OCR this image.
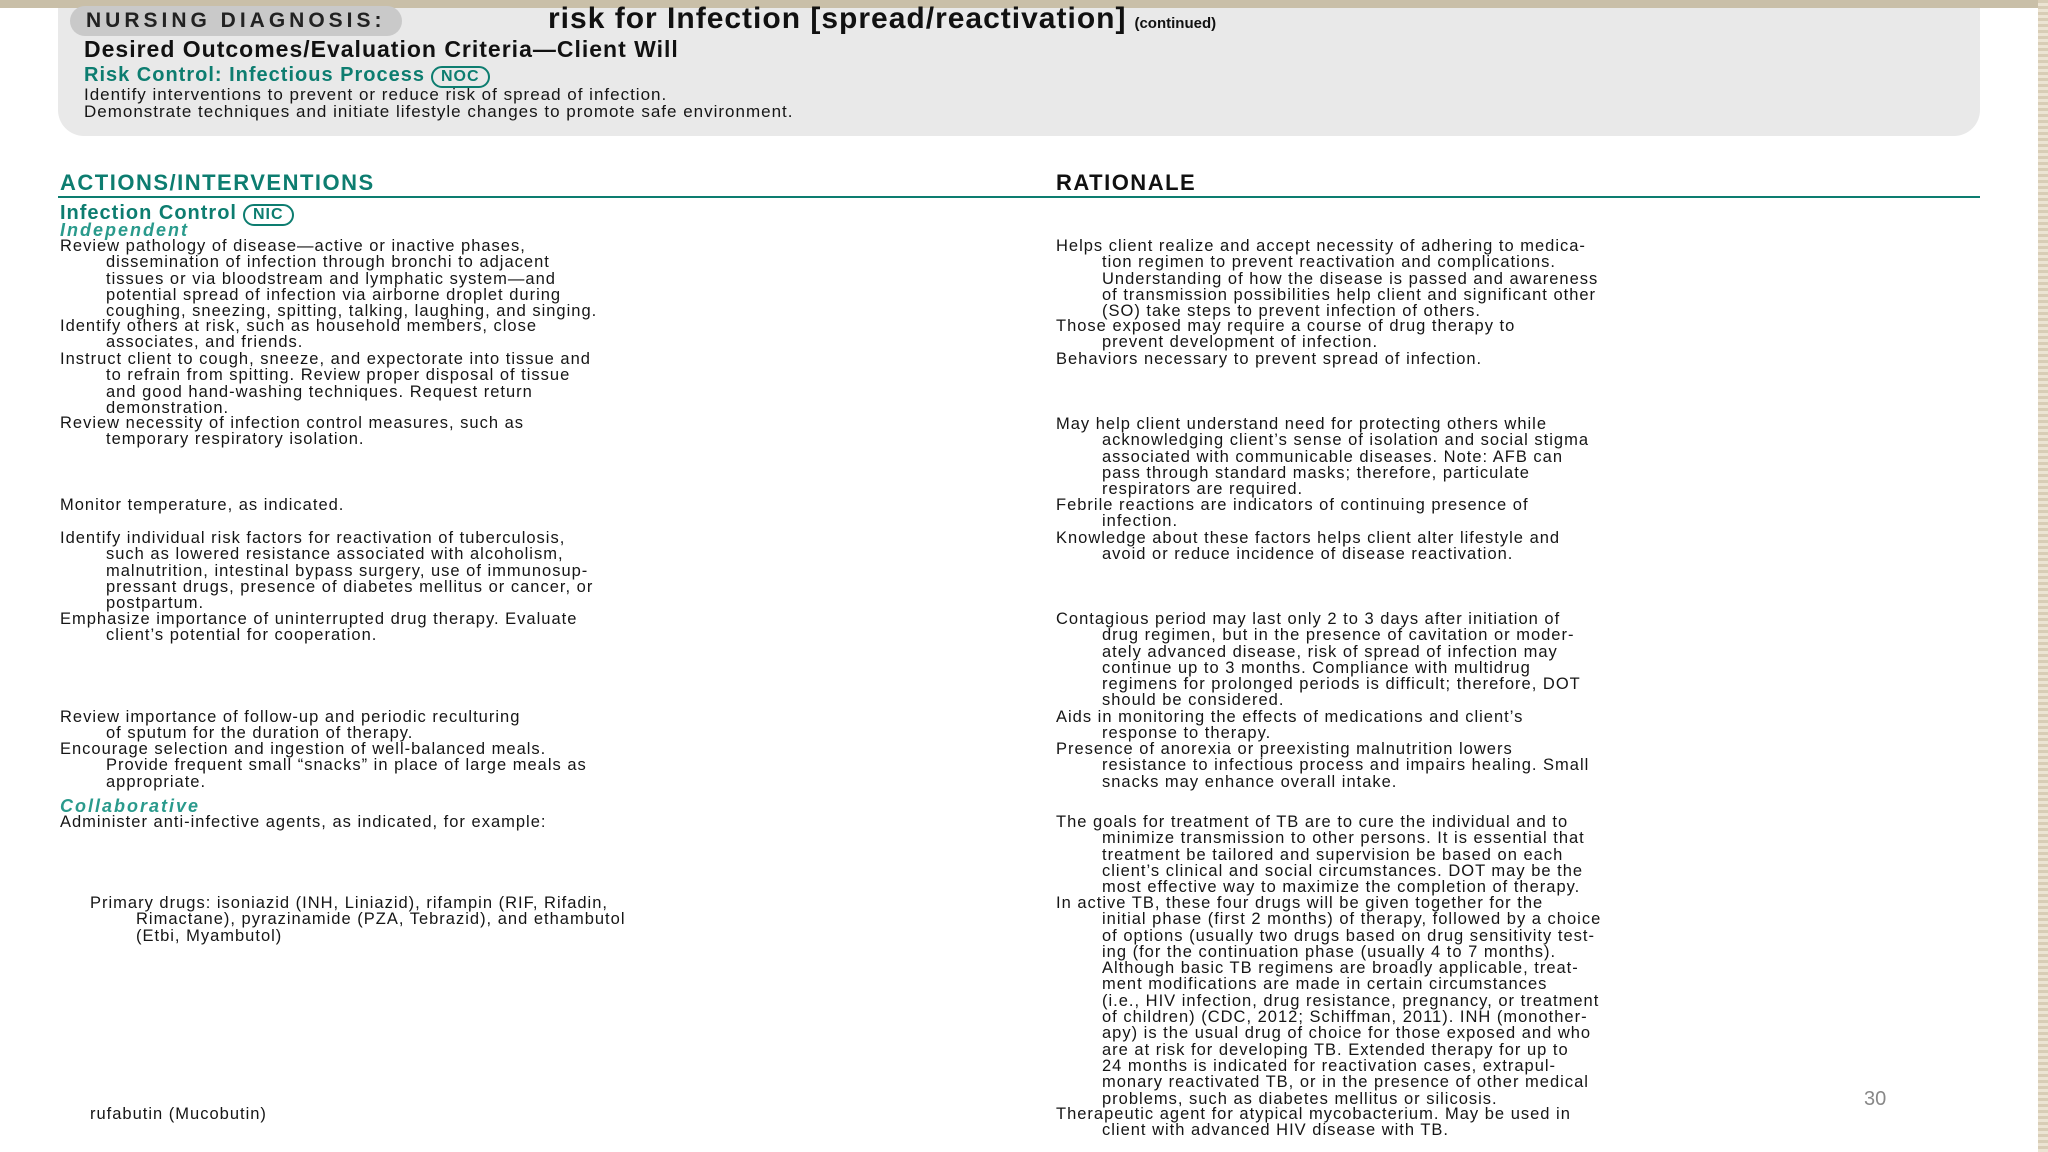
NURSING DIAGNOSIS:	risk for Infection [spread/reactivation] (continued)
Desired Outcomes/Evaluation Criteria—Client Will
Risk Control: Infectious Process NOC
Identify interventions to prevent or reduce risk of spread of infection.
Demonstrate techniques and initiate lifestyle changes to promote safe environment.
ACTIONS/INTERVENTIONS	RATIONALE
Infection Control NIC
Independent
Collaborative
Review pathology of disease—active or inactive phases,
dissemination of infection through bronchi to adjacent
tissues or via bloodstream and lymphatic system—and
potential spread of infection via airborne droplet during
coughing, sneezing, spitting, talking, laughing, and singing.
Identify others at risk, such as household members, close
associates, and friends.
Instruct client to cough, sneeze, and expectorate into tissue and
to refrain from spitting. Review proper disposal of tissue
and good hand-washing techniques. Request return
demonstration.
Review necessity of infection control measures, such as
temporary respiratory isolation.
Monitor temperature, as indicated.
Identify individual risk factors for reactivation of tuberculosis,
such as lowered resistance associated with alcoholism,
malnutrition, intestinal bypass surgery, use of immunosup-
pressant drugs, presence of diabetes mellitus or cancer, or
postpartum.
Emphasize importance of uninterrupted drug therapy. Evaluate
client’s potential for cooperation.
Review importance of follow-up and periodic reculturing
of sputum for the duration of therapy.
Encourage selection and ingestion of well-balanced meals.
Provide frequent small “snacks” in place of large meals as
appropriate.
Administer anti-infective agents, as indicated, for example:
Primary drugs: isoniazid (INH, Liniazid), rifampin (RIF, Rifadin,
Rimactane), pyrazinamide (PZA, Tebrazid), and ethambutol
(Etbi, Myambutol)
rufabutin (Mucobutin)
Helps client realize and accept necessity of adhering to medica-
tion regimen to prevent reactivation and complications.
Understanding of how the disease is passed and awareness
of transmission possibilities help client and significant other
(SO) take steps to prevent infection of others.
Those exposed may require a course of drug therapy to
prevent development of infection.
Behaviors necessary to prevent spread of infection.
May help client understand need for protecting others while
acknowledging client’s sense of isolation and social stigma
associated with communicable diseases. Note: AFB can
pass through standard masks; therefore, particulate
respirators are required.
Febrile reactions are indicators of continuing presence of
infection.
Knowledge about these factors helps client alter lifestyle and
avoid or reduce incidence of disease reactivation.
Contagious period may last only 2 to 3 days after initiation of
drug regimen, but in the presence of cavitation or moder-
ately advanced disease, risk of spread of infection may
continue up to 3 months. Compliance with multidrug
regimens for prolonged periods is difficult; therefore, DOT
should be considered.
Aids in monitoring the effects of medications and client’s
response to therapy.
Presence of anorexia or preexisting malnutrition lowers
resistance to infectious process and impairs healing. Small
snacks may enhance overall intake.
The goals for treatment of TB are to cure the individual and to
minimize transmission to other persons. It is essential that
treatment be tailored and supervision be based on each
client’s clinical and social circumstances. DOT may be the
most effective way to maximize the completion of therapy.
In active TB, these four drugs will be given together for the
initial phase (first 2 months) of therapy, followed by a choice
of options (usually two drugs based on drug sensitivity test-
ing (for the continuation phase (usually 4 to 7 months).
Although basic TB regimens are broadly applicable, treat-
ment modifications are made in certain circumstances
(i.e., HIV infection, drug resistance, pregnancy, or treatment
of children) (CDC, 2012; Schiffman, 2011). INH (monother-
apy) is the usual drug of choice for those exposed and who
are at risk for developing TB. Extended therapy for up to
24 months is indicated for reactivation cases, extrapul-
monary reactivated TB, or in the presence of other medical
problems, such as diabetes mellitus or silicosis.
Therapeutic agent for atypical mycobacterium. May be used in
client with advanced HIV disease with TB.
30
